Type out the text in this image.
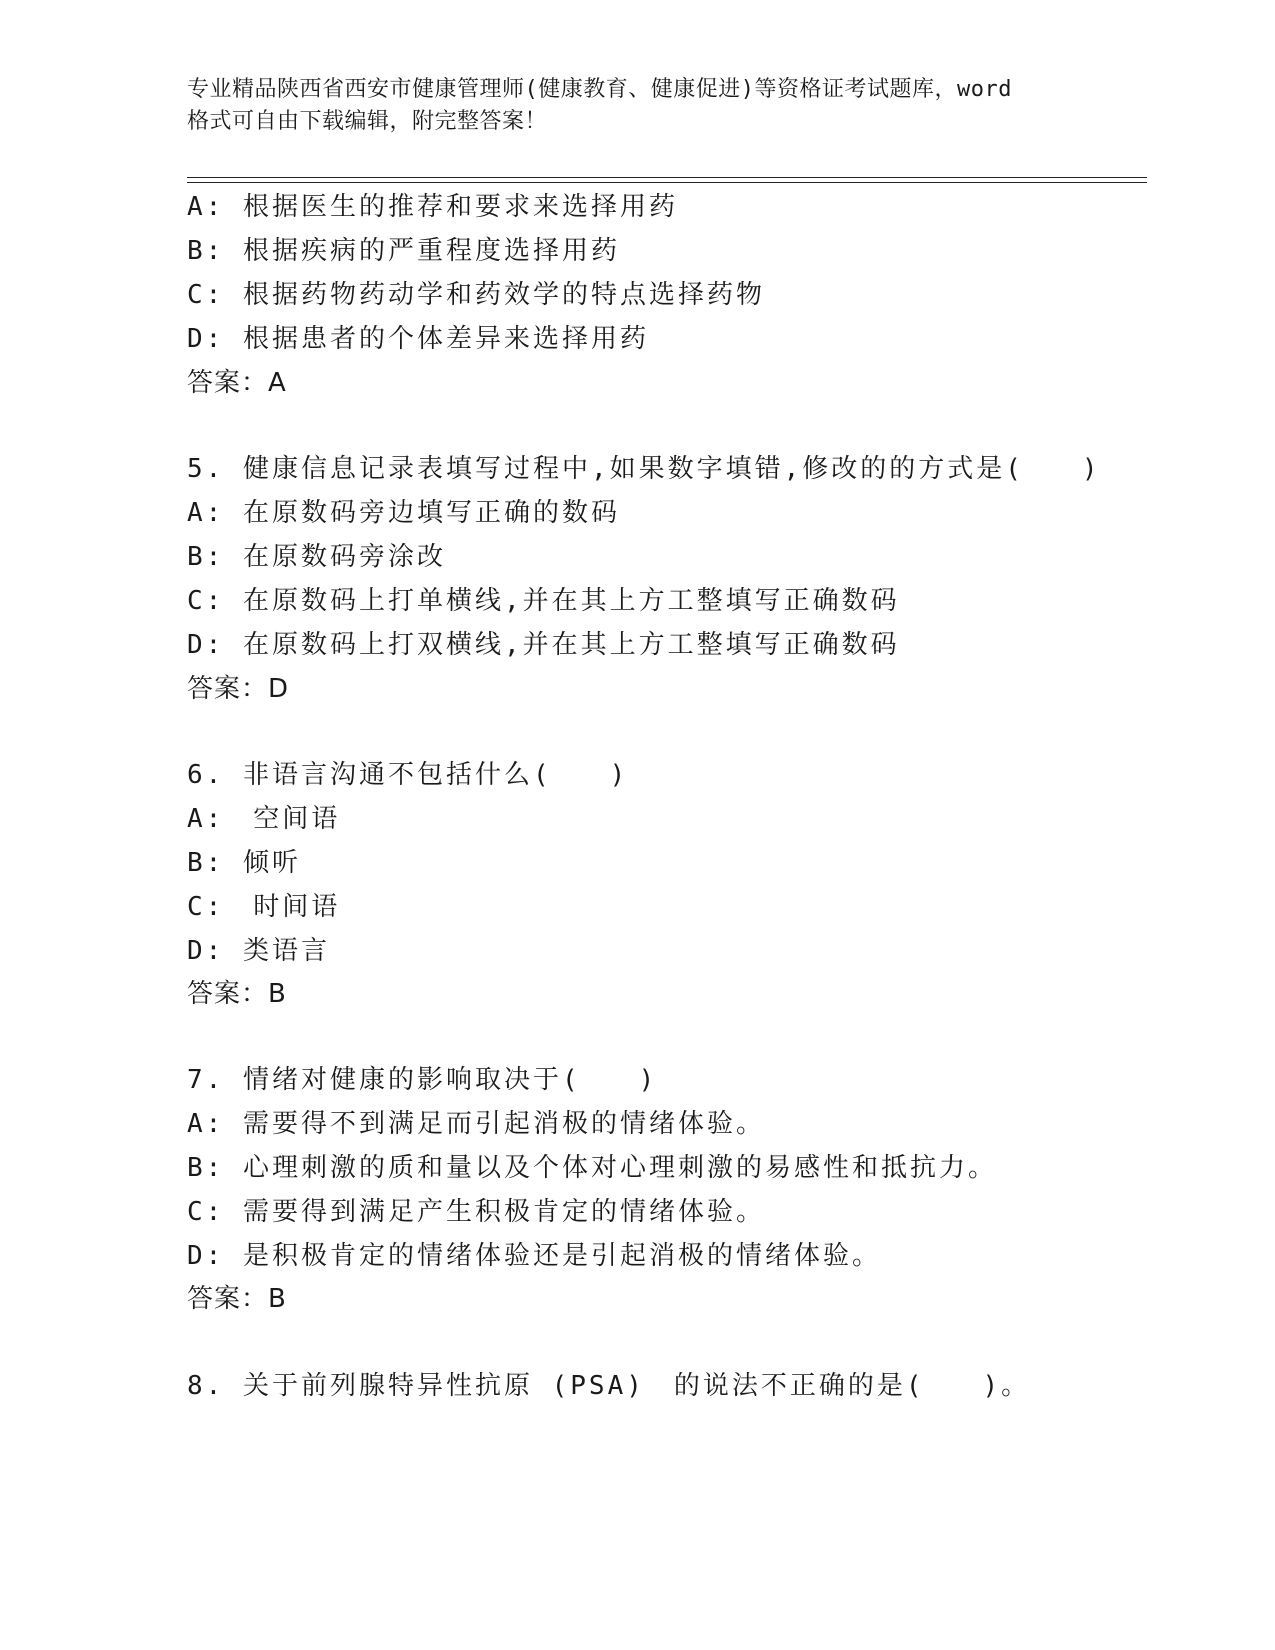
专业精品陕西省西安市健康管理师(健康教育、健康促进)等资格证考试题库，word
格式可自由下载编辑，附完整答案！
A: 根据医生的推荐和要求来选择用药
B: 根据疾病的严重程度选择用药
C: 根据药物药动学和药效学的特点选择药物
D: 根据患者的个体差异来选择用药
答案：A
5. 健康信息记录表填写过程中,如果数字填错,修改的的方式是(　　)
A: 在原数码旁边填写正确的数码
B: 在原数码旁涂改
C: 在原数码上打单横线,并在其上方工整填写正确数码
D: 在原数码上打双横线,并在其上方工整填写正确数码
答案：D
6. 非语言沟通不包括什么(　　)
A:　空间语
B: 倾听
C:　时间语
D: 类语言
答案：B
7. 情绪对健康的影响取决于(　　)
A: 需要得不到满足而引起消极的情绪体验。
B: 心理刺激的质和量以及个体对心理刺激的易感性和抵抗力。
C: 需要得到满足产生积极肯定的情绪体验。
D: 是积极肯定的情绪体验还是引起消极的情绪体验。
答案：B
8. 关于前列腺特异性抗原 (PSA)　的说法不正确的是(　　)。
